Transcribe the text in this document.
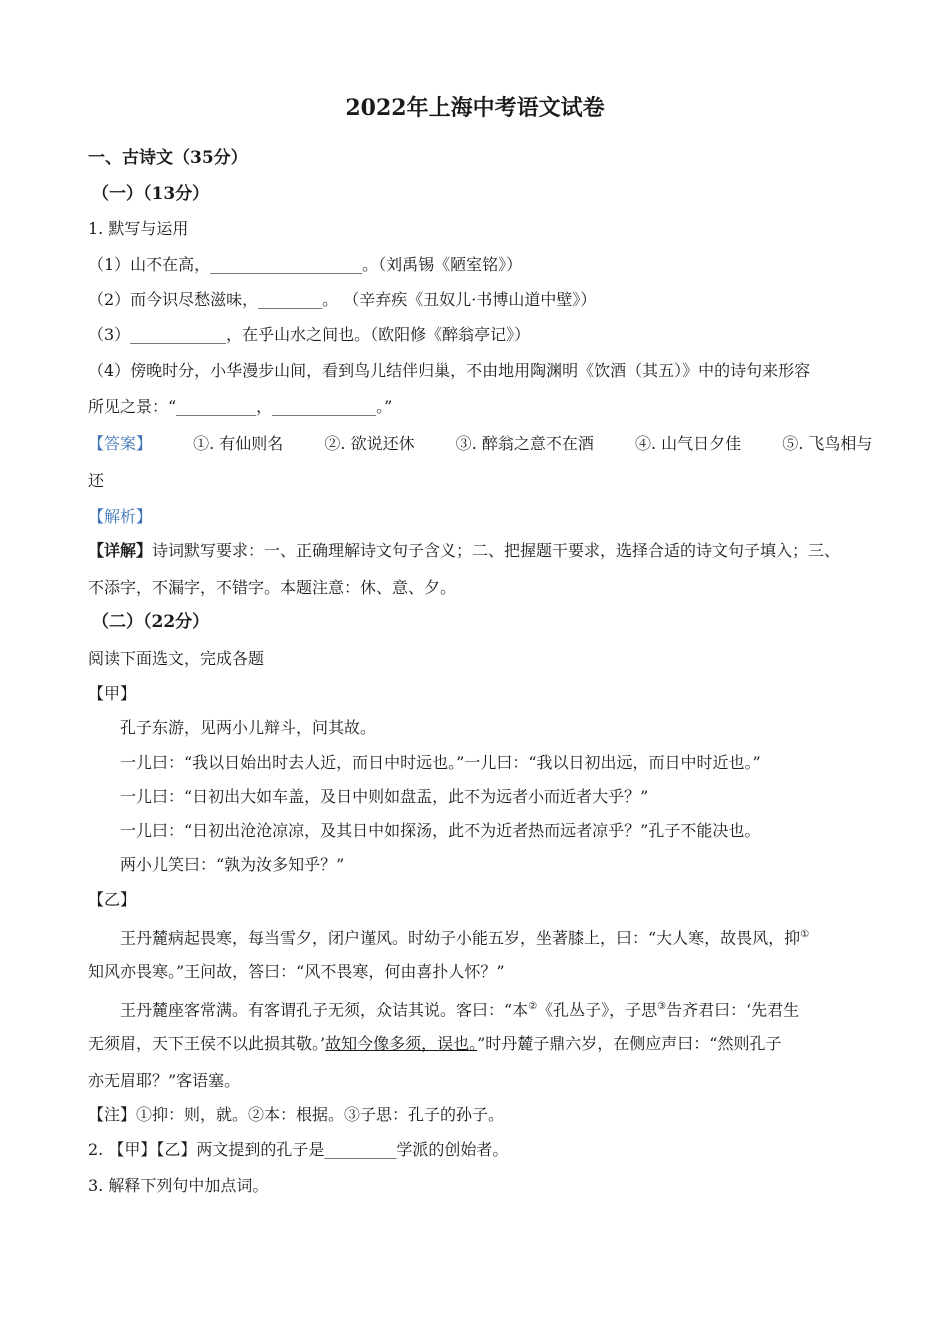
2022年上海中考语文试卷
一、古诗文（35分）
（一）（13分）
1. 默写与运用
（1）山不在高，___________________。（刘禹锡《陋室铭》）
（2）而今识尽愁滋味，________。 （辛弃疾《丑奴儿·书博山道中壁》）
（3）____________，在乎山水之间也。（欧阳修《醉翁亭记》）
（4）傍晚时分，小华漫步山间，看到鸟儿结伴归巢，不由地用陶渊明《饮酒（其五）》中的诗句来形容
所见之景：“__________，_____________。”
【答案】	①. 有仙则名	②. 欲说还休	③. 醉翁之意不在酒	④. 山气日夕佳	⑤. 飞鸟相与
还
【解析】
【详解】诗词默写要求：一、正确理解诗文句子含义；二、把握题干要求，选择合适的诗文句子填入；三、
不添字，不漏字，不错字。本题注意：休、意、夕。
（二）（22分）
阅读下面选文，完成各题
【甲】
孔子东游，见两小儿辩斗，问其故。
一儿曰：“我以日始出时去人近，而日中时远也。”一儿曰：“我以日初出远，而日中时近也。”
一儿曰：“日初出大如车盖，及日中则如盘盂，此不为远者小而近者大乎？”
一儿曰：“日初出沧沧凉凉，及其日中如探汤，此不为近者热而远者凉乎？”孔子不能决也。
两小儿笑曰：“孰为汝多知乎？”
【乙】
王丹麓病起畏寒，每当雪夕，闭户谨风。时幼子小能五岁，坐著膝上，曰：“大人寒，故畏风，抑①
知风亦畏寒。”王问故，答曰：“风不畏寒，何由喜扑人怀？”
王丹麓座客常满。有客谓孔子无须，众诘其说。客曰：“本②《孔丛子》，子思③告齐君曰：‘先君生
无须眉，天下王侯不以此损其敬。’故知今像多须，误也。”时丹麓子鼎六岁，在侧应声曰：“然则孔子
亦无眉耶？”客语塞。
【注】①抑：则，就。②本：根据。③子思：孔子的孙子。
2. 【甲】【乙】两文提到的孔子是_________学派的创始者。
3. 解释下列句中加点词。
